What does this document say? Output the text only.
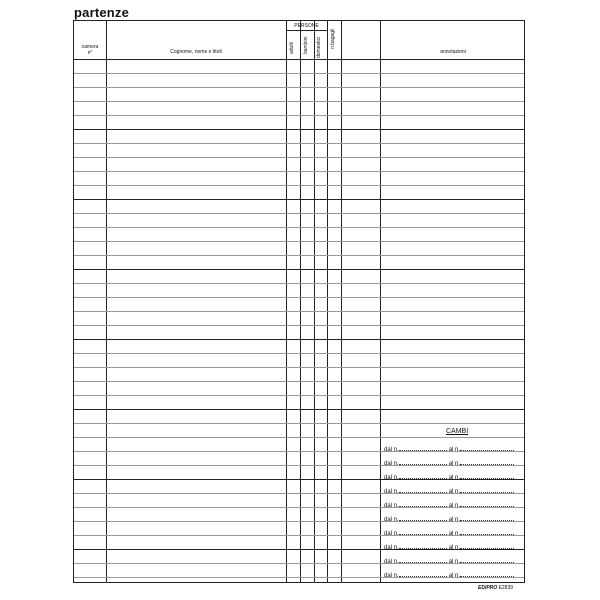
partenze
camera
n°	Cognome, nome e titoli
PERSONE
adulti bambini domestici n.bagagli
annotazioni
CAMBI
dal n.	al n.
dal n.	al n.
dal n.	al n.
dal n.	al n.
dal n.	al n.
dal n.	al n.
dal n.	al n.
dal n.	al n.
dal n.	al n.
dal n.	al n.
EDIPRO E2839
